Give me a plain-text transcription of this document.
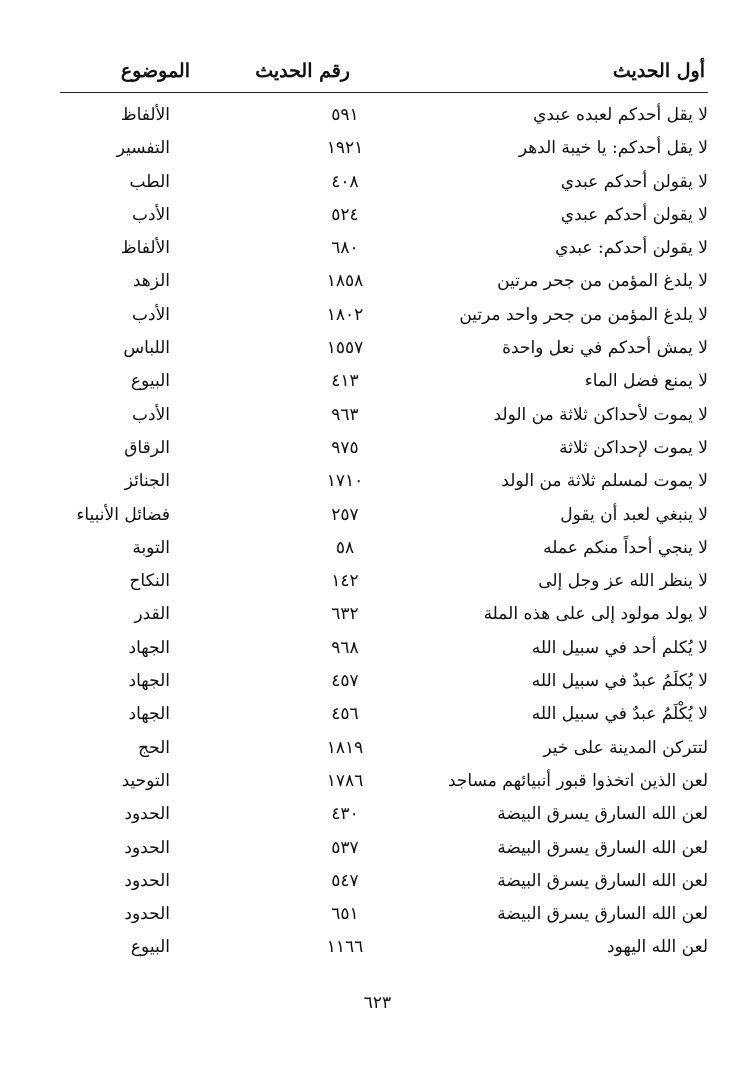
أول الحديث
رقم الحديث
الموضوع
لا يقل أحدكم لعبده عبدي
٥٩١
الألفاظ
لا يقل أحدكم: يا خيبة الدهر
١٩٢١
التفسير
لا يقولن أحدكم عبدي
٤٠٨
الطب
لا يقولن أحدكم عبدي
٥٢٤
الأدب
لا يقولن أحدكم: عبدي
٦٨٠
الألفاظ
لا يلدغ المؤمن من جحر مرتين
١٨٥٨
الزهد
لا يلدغ المؤمن من جحر واحد مرتين
١٨٠٢
الأدب
لا يمش أحدكم في نعل واحدة
١٥٥٧
اللباس
لا يمنع فضل الماء
٤١٣
البيوع
لا يموت لأحداكن ثلاثة من الولد
٩٦٣
الأدب
لا يموت لإحداكن ثلاثة
٩٧٥
الرقاق
لا يموت لمسلم ثلاثة من الولد
١٧١٠
الجنائز
لا ينبغي لعبد أن يقول
٢٥٧
فضائل الأنبياء
لا ينجي أحداً منكم عمله
٥٨
التوبة
لا ينظر الله عز وجل إلى
١٤٢
النكاح
لا يولد مولود إلى على هذه الملة
٦٣٢
القدر
لا يُكلم أحد في سبيل الله
٩٦٨
الجهاد
لا يُكلَمُ عبدٌ في سبيل الله
٤٥٧
الجهاد
لا يُكْلَمُ عبدٌ في سبيل الله
٤٥٦
الجهاد
لتتركن المدينة على خير
١٨١٩
الحج
لعن الذين اتخذوا قبور أنبيائهم مساجد
١٧٨٦
التوحيد
لعن الله السارق يسرق البيضة
٤٣٠
الحدود
لعن الله السارق يسرق البيضة
٥٣٧
الحدود
لعن الله السارق يسرق البيضة
٥٤٧
الحدود
لعن الله السارق يسرق البيضة
٦٥١
الحدود
لعن الله اليهود
١١٦٦
البيوع
٦٢٣
